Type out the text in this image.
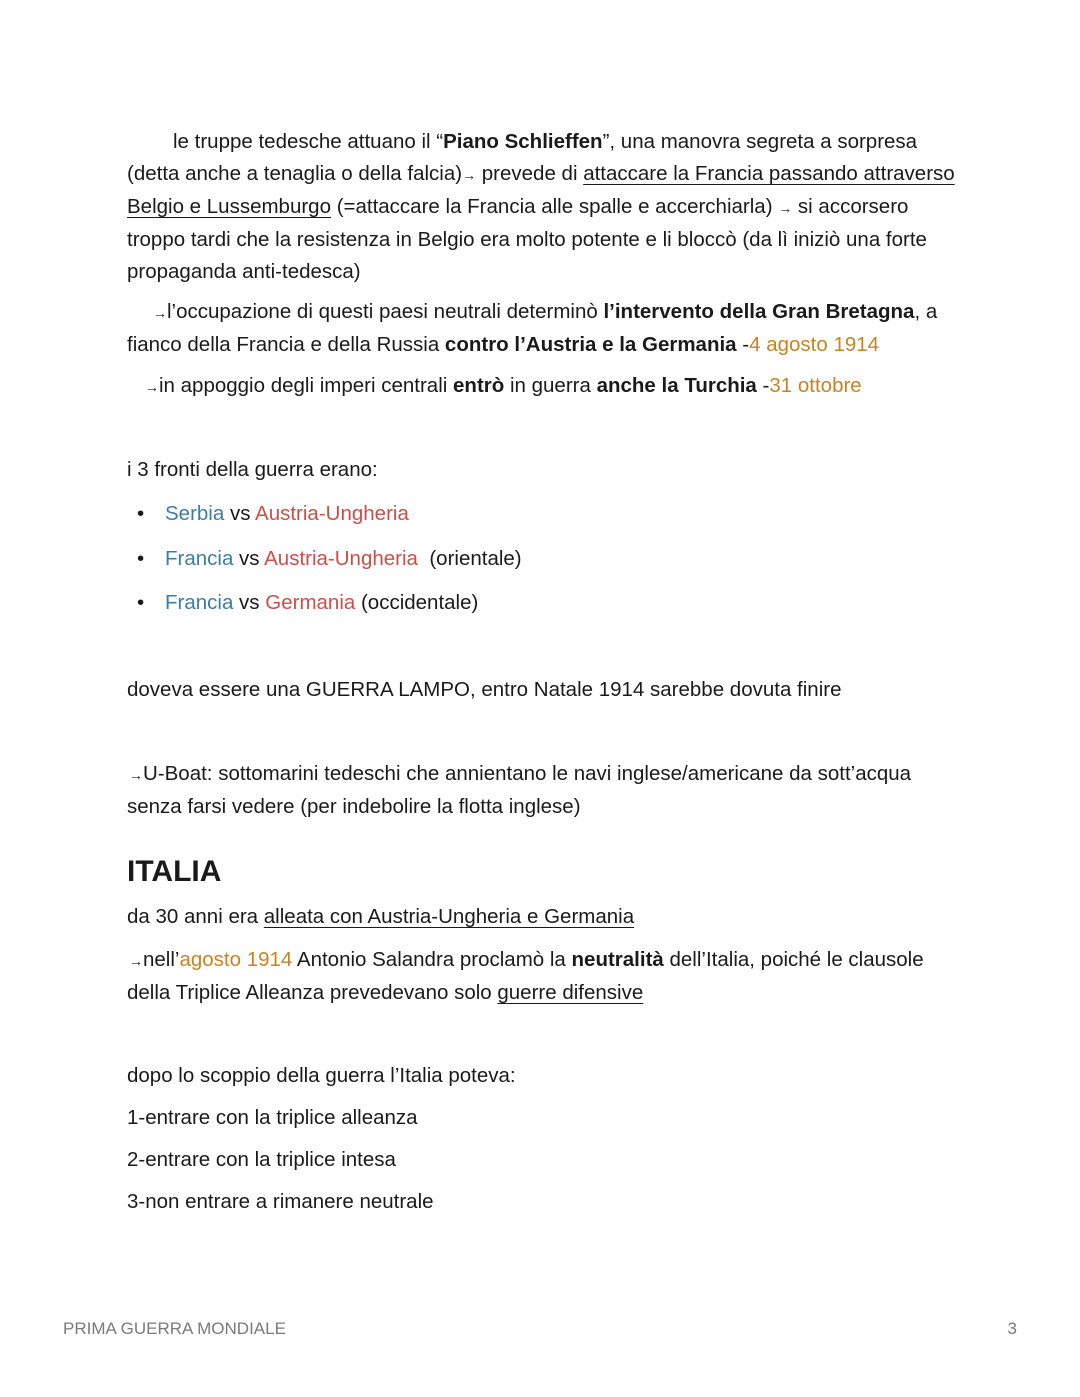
le truppe tedesche attuano il “Piano Schlieffen”, una manovra segreta a sorpresa (detta anche a tenaglia o della falcia)→ prevede di attaccare la Francia passando attraverso Belgio e Lussemburgo (=attaccare la Francia alle spalle e accerchiarla) → si accorsero troppo tardi che la resistenza in Belgio era molto potente e li bloccò (da lì iniziò una forte propaganda anti-tedesca)
→l’occupazione di questi paesi neutrali determinò l’intervento della Gran Bretagna, a fianco della Francia e della Russia contro l’Austria e la Germania -4 agosto 1914
→in appoggio degli imperi centrali entrò in guerra anche la Turchia -31 ottobre
i 3 fronti della guerra erano:
• Serbia vs Austria-Ungheria
• Francia vs Austria-Ungheria  (orientale)
• Francia vs Germania (occidentale)
doveva essere una GUERRA LAMPO, entro Natale 1914 sarebbe dovuta finire
→U-Boat: sottomarini tedeschi che annientano le navi inglese/americane da sott’acqua senza farsi vedere (per indebolire la flotta inglese)
ITALIA
da 30 anni era alleata con Austria-Ungheria e Germania
→nell’agosto 1914 Antonio Salandra proclamò la neutralità dell’Italia, poiché le clausole della Triplice Alleanza prevedevano solo guerre difensive
dopo lo scoppio della guerra l’Italia poteva:
1-entrare con la triplice alleanza
2-entrare con la triplice intesa
3-non entrare a rimanere neutrale
PRIMA GUERRA MONDIALE	3
